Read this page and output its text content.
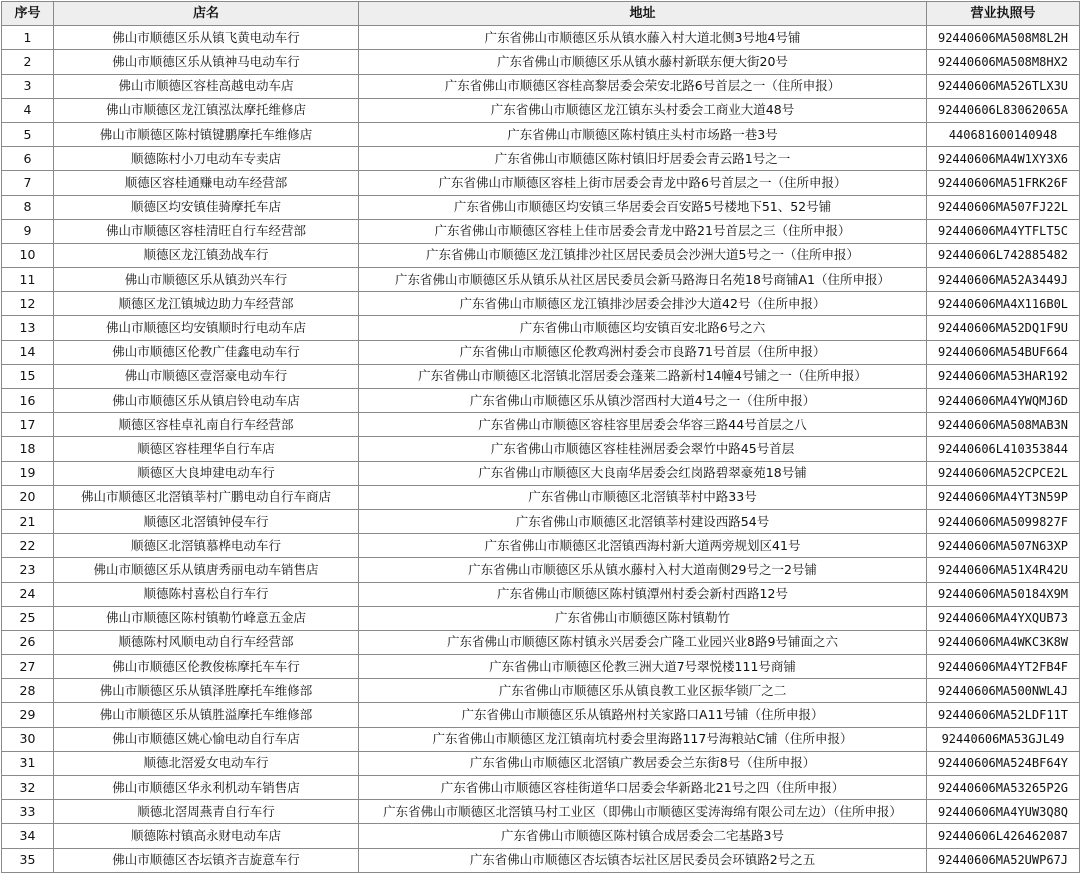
序号	店名	地址	营业执照号
1	佛山市顺德区乐从镇飞黄电动车行	广东省佛山市顺德区乐从镇水藤入村大道北侧3号地4号铺	92440606MA508M8L2H
2	佛山市顺德区乐从镇神马电动车行	广东省佛山市顺德区乐从镇水藤村新联东便大街20号	92440606MA508M8HX2
3	佛山市顺德区容桂高越电动车店	广东省佛山市顺德区容桂高黎居委会荣安北路6号首层之一（住所申报）	92440606MA526TLX3U
4	佛山市顺德区龙江镇泓汰摩托维修店	广东省佛山市顺德区龙江镇东头村委会工商业大道48号	92440606L83062065A
5	佛山市顺德区陈村镇键鹏摩托车维修店	广东省佛山市顺德区陈村镇庄头村市场路一巷3号	440681600140948
6	顺德陈村小刀电动车专卖店	广东省佛山市顺德区陈村镇旧圩居委会青云路1号之一	92440606MA4W1XY3X6
7	顺德区容桂通赚电动车经营部	广东省佛山市顺德区容桂上街市居委会青龙中路6号首层之一（住所申报）	92440606MA51FRK26F
8	顺德区均安镇佳骑摩托车店	广东省佛山市顺德区均安镇三华居委会百安路5号楼地下51、52号铺	92440606MA507FJ22L
9	佛山市顺德区容桂清旺自行车经营部	广东省佛山市顺德区容桂上佳市居委会青龙中路21号首层之三（住所申报）	92440606MA4YTFLT5C
10	顺德区龙江镇劲战车行	广东省佛山市顺德区龙江镇排沙社区居民委员会沙洲大道5号之一（住所申报）	92440606L742885482
11	佛山市顺德区乐从镇劲兴车行	广东省佛山市顺德区乐从镇乐从社区居民委员会新马路海日名苑18号商铺A1（住所申报）	92440606MA52A3449J
12	顺德区龙江镇城边助力车经营部	广东省佛山市顺德区龙江镇排沙居委会排沙大道42号（住所申报）	92440606MA4X116B0L
13	佛山市顺德区均安镇顺时行电动车店	广东省佛山市顺德区均安镇百安北路6号之六	92440606MA52DQ1F9U
14	佛山市顺德区伦教广佳鑫电动车行	广东省佛山市顺德区伦教鸡洲村委会市良路71号首层（住所申报）	92440606MA54BUF664
15	佛山市顺德区壹滘豪电动车行	广东省佛山市顺德区北滘镇北滘居委会蓬莱二路新村14幢4号铺之一（住所申报）	92440606MA53HAR192
16	佛山市顺德区乐从镇启铃电动车店	广东省佛山市顺德区乐从镇沙滘西村大道4号之一（住所申报）	92440606MA4YWQMJ6D
17	顺德区容桂卓礼南自行车经营部	广东省佛山市顺德区容桂容里居委会华容三路44号首层之八	92440606MA508MAB3N
18	顺德区容桂理华自行车店	广东省佛山市顺德区容桂桂洲居委会翠竹中路45号首层	92440606L410353844
19	顺德区大良坤建电动车行	广东省佛山市顺德区大良南华居委会红岗路碧翠豪苑18号铺	92440606MA52CPCE2L
20	佛山市顺德区北滘镇莘村广鹏电动自行车商店	广东省佛山市顺德区北滘镇莘村中路33号	92440606MA4YT3N59P
21	顺德区北滘镇钟侵车行	广东省佛山市顺德区北滘镇莘村建设西路54号	92440606MA5099827F
22	顺德区北滘镇慕桦电动车行	广东省佛山市顺德区北滘镇西海村新大道两旁规划区41号	92440606MA507N63XP
23	佛山市顺德区乐从镇唐秀丽电动车销售店	广东省佛山市顺德区乐从镇水藤村入村大道南侧29号之一2号铺	92440606MA51X4R42U
24	顺德陈村喜松自行车行	广东省佛山市顺德区陈村镇潭州村委会新村西路12号	92440606MA50184X9M
25	佛山市顺德区陈村镇勒竹峰意五金店	广东省佛山市顺德区陈村镇勒竹	92440606MA4YXQUB73
26	顺德陈村风顺电动自行车经营部	广东省佛山市顺德区陈村镇永兴居委会广隆工业园兴业8路9号铺面之六	92440606MA4WKC3K8W
27	佛山市顺德区伦教俊栋摩托车车行	广东省佛山市顺德区伦教三洲大道7号翠悦楼111号商铺	92440606MA4YT2FB4F
28	佛山市顺德区乐从镇泽胜摩托车维修部	广东省佛山市顺德区乐从镇良教工业区振华锁厂之二	92440606MA500NWL4J
29	佛山市顺德区乐从镇胜溢摩托车维修部	广东省佛山市顺德区乐从镇路州村关家路口A11号铺（住所申报）	92440606MA52LDF11T
30	佛山市顺德区姚心愉电动自行车店	广东省佛山市顺德区龙江镇南坑村委会里海路117号海粮站C铺（住所申报）	92440606MA53GJL49
31	顺德北滘爱女电动车行	广东省佛山市顺德区北滘镇广教居委会兰东街8号（住所申报）	92440606MA524BF64Y
32	佛山市顺德区华永利机动车销售店	广东省佛山市顺德区容桂街道华口居委会华新路北21号之四（住所申报）	92440606MA53265P2G
33	顺德北滘周燕青自行车行	广东省佛山市顺德区北滘镇马村工业区（即佛山市顺德区雯涛海绵有限公司左边）（住所申报）	92440606MA4YUW3Q8Q
34	顺德陈村镇高永财电动车店	广东省佛山市顺德区陈村镇合成居委会二宅基路3号	92440606L426462087
35	佛山市顺德区杏坛镇齐吉旋意车行	广东省佛山市顺德区杏坛镇杏坛社区居民委员会环镇路2号之五	92440606MA52UWP67J
